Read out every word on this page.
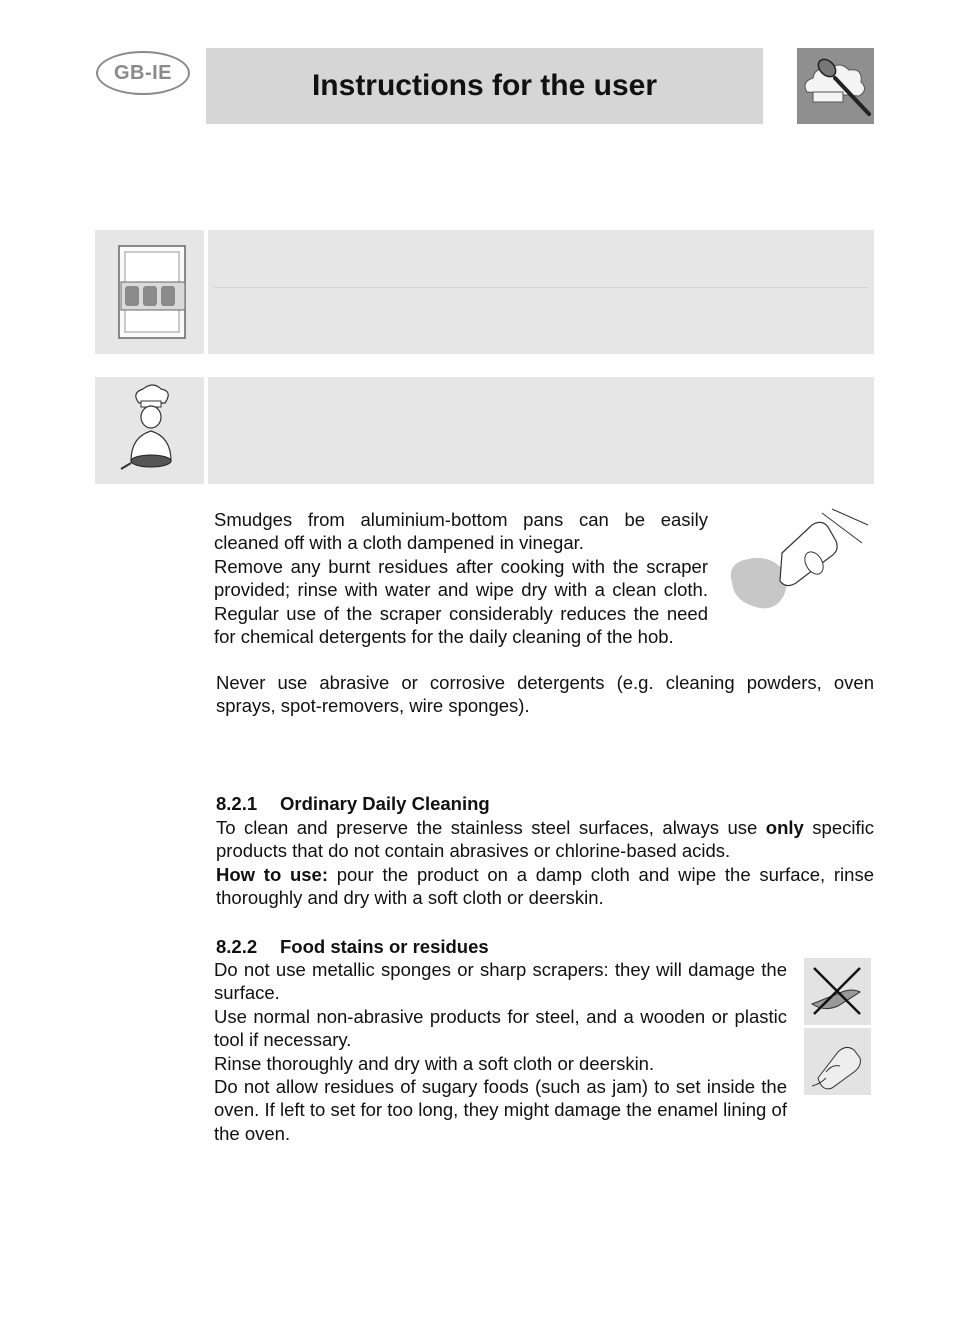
GB-IE	Instructions for the user

Smudges from aluminium-bottom pans can be easily cleaned off with a cloth dampened in vinegar.

Remove any burnt residues after cooking with the scraper provided; rinse with water and wipe dry with a clean cloth. Regular use of the scraper considerably reduces the need for chemical detergents for the daily cleaning of the hob.

Never use abrasive or corrosive detergents (e.g. cleaning powders, oven sprays, spot-removers, wire sponges).

8.2.1 Ordinary Daily Cleaning

To clean and preserve the stainless steel surfaces, always use only specific products that do not contain abrasives or chlorine-based acids.

How to use: pour the product on a damp cloth and wipe the surface, rinse thoroughly and dry with a soft cloth or deerskin.

8.2.2 Food stains or residues

Do not use metallic sponges or sharp scrapers: they will damage the surface.

Use normal non-abrasive products for steel, and a wooden or plastic tool if necessary.

Rinse thoroughly and dry with a soft cloth or deerskin.

Do not allow residues of sugary foods (such as jam) to set inside the oven. If left to set for too long, they might damage the enamel lining of the oven.
